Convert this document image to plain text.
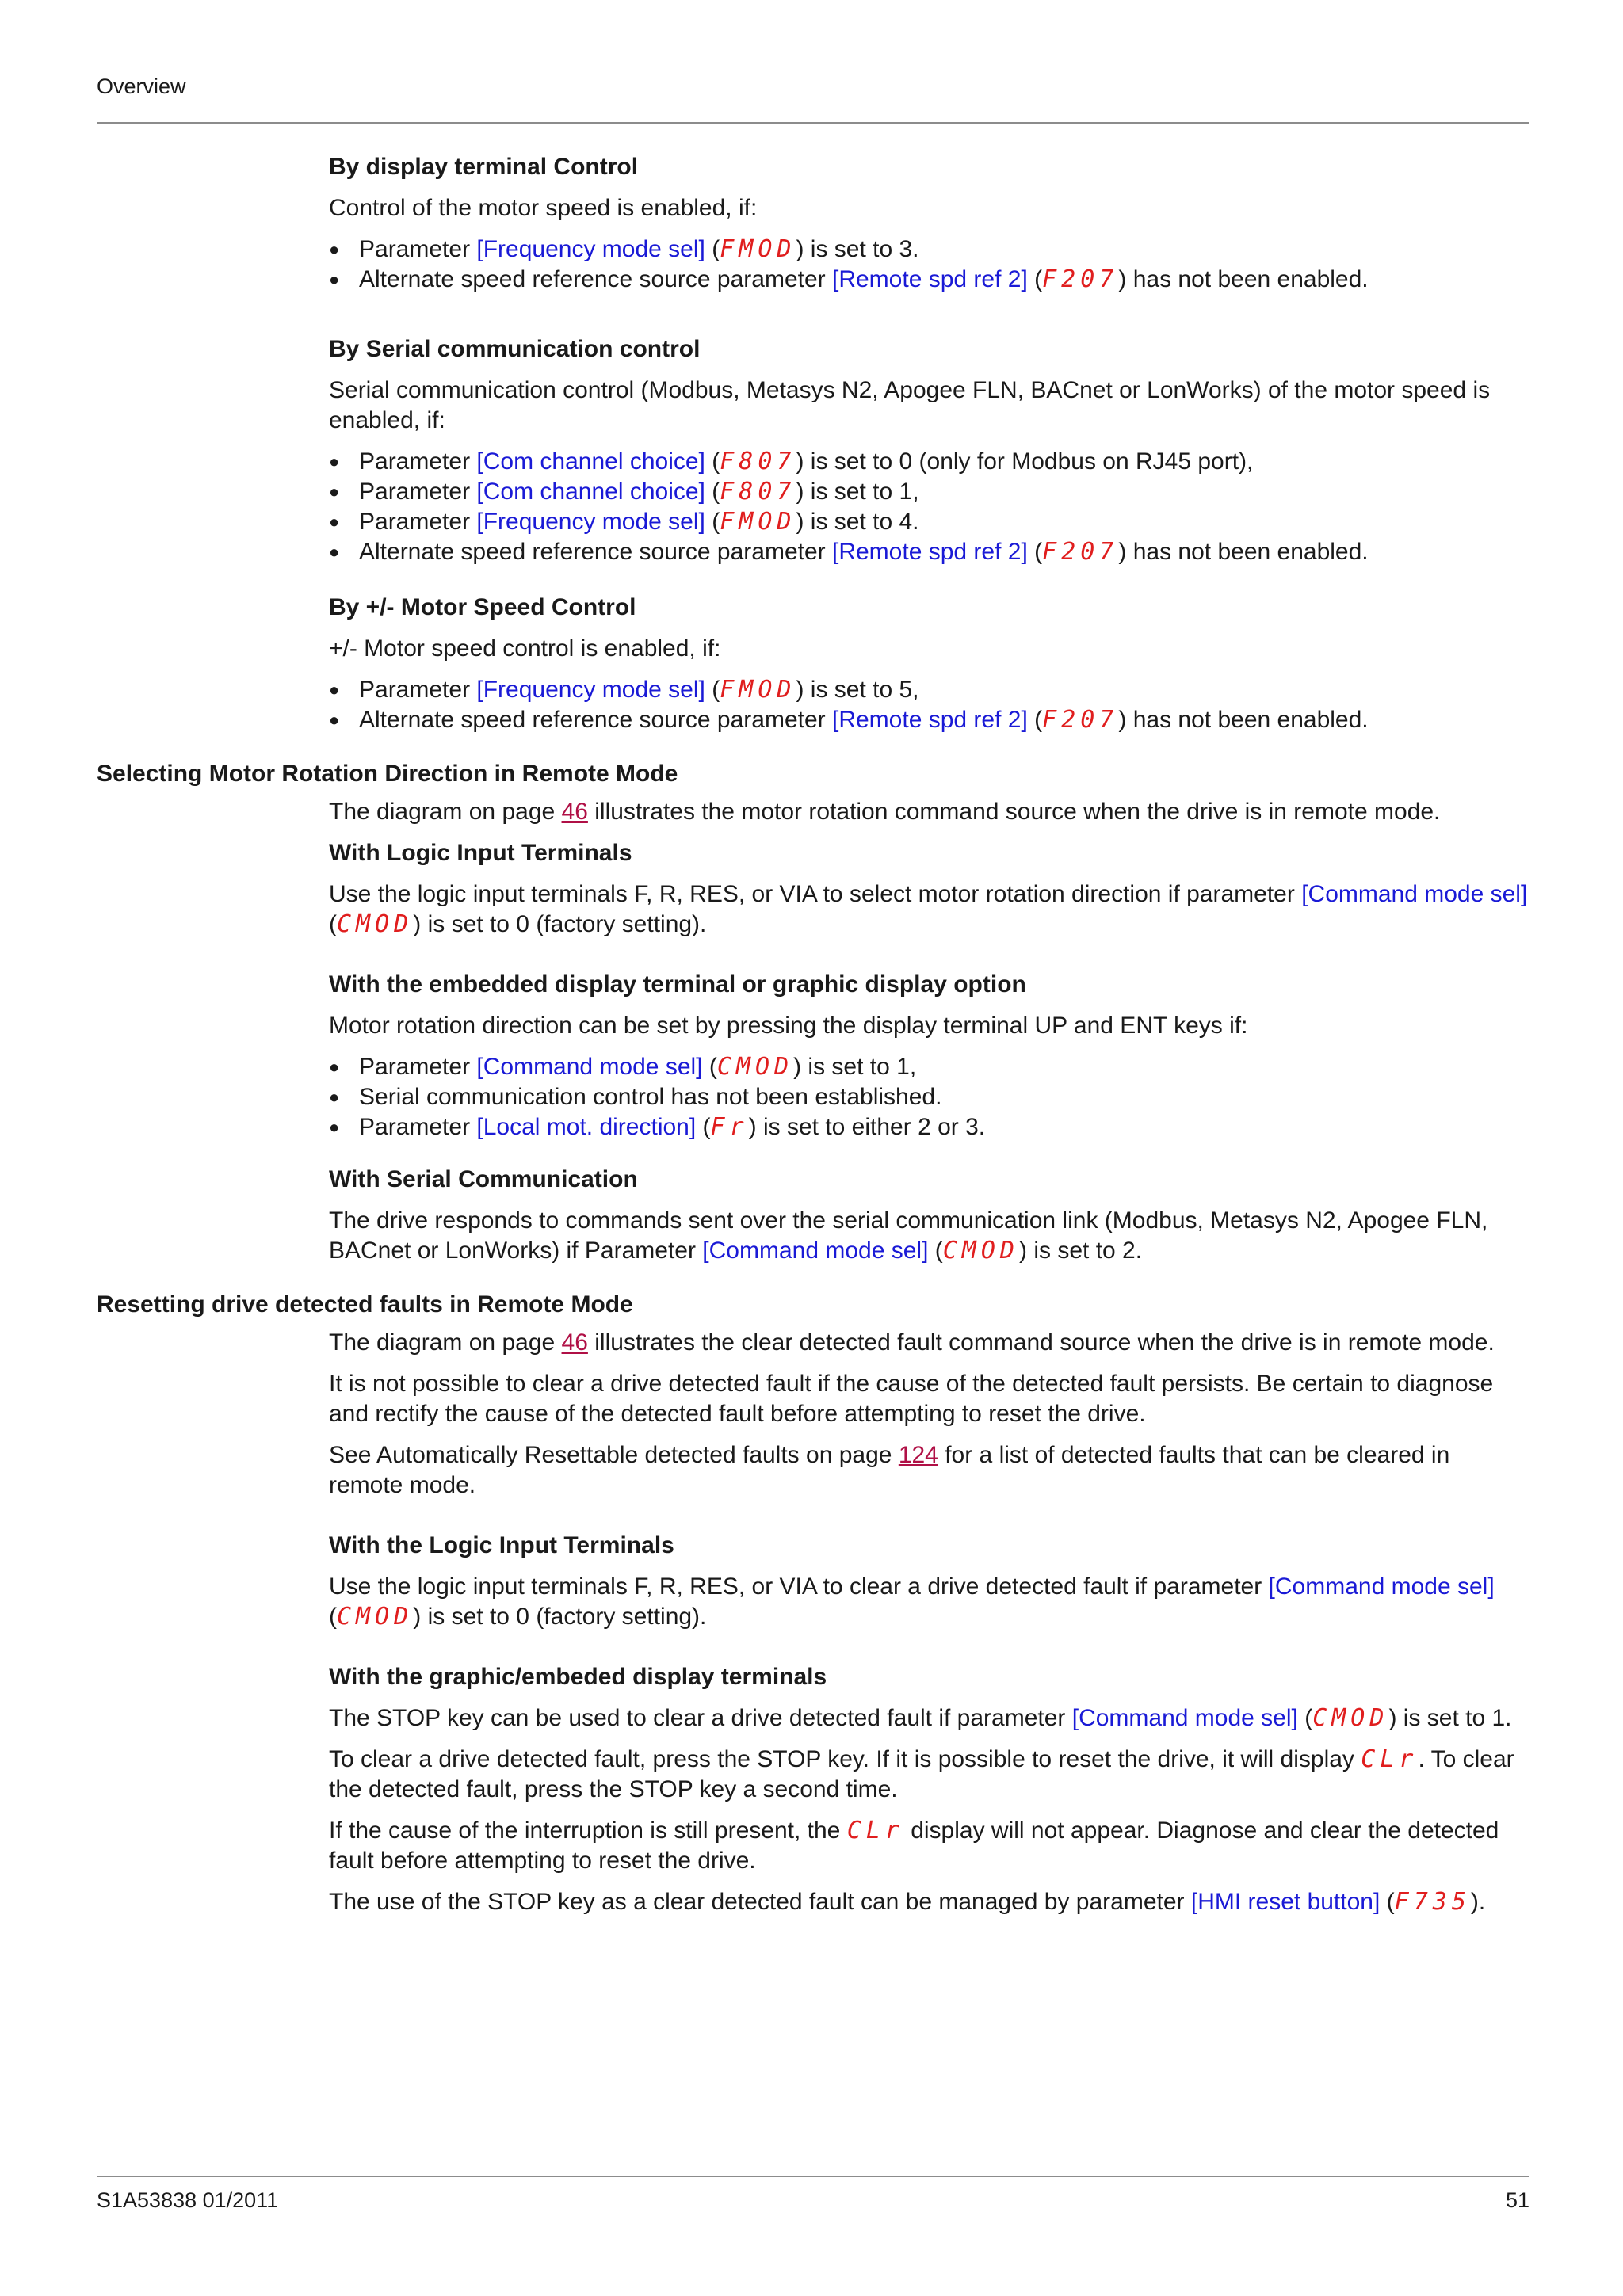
Overview
By display terminal Control

Control of the motor speed is enabled, if:

● Parameter [Frequency mode sel] (FMOD) is set to 3.
● Alternate speed reference source parameter [Remote spd ref 2] (F207) has not been enabled.
By Serial communication control

Serial communication control (Modbus, Metasys N2, Apogee FLN, BACnet or LonWorks) of the motor speed is enabled, if:

● Parameter [Com channel choice] (F807) is set to 0 (only for Modbus on RJ45 port),
● Parameter [Com channel choice] (F807) is set to 1,
● Parameter [Frequency mode sel] (FMOD) is set to 4.
● Alternate speed reference source parameter [Remote spd ref 2] (F207) has not been enabled.
By +/- Motor Speed Control

+/- Motor speed control is enabled, if:

● Parameter [Frequency mode sel] (FMOD) is set to 5,
● Alternate speed reference source parameter [Remote spd ref 2] (F207) has not been enabled.
Selecting Motor Rotation Direction in Remote Mode

The diagram on page 46 illustrates the motor rotation command source when the drive is in remote mode.

With Logic Input Terminals

Use the logic input terminals F, R, RES, or VIA to select motor rotation direction if parameter [Command mode sel] (CMOD) is set to 0 (factory setting).

With the embedded display terminal or graphic display option

Motor rotation direction can be set by pressing the display terminal UP and ENT keys if:

● Parameter [Command mode sel] (CMOD) is set to 1,
● Serial communication control has not been established.
● Parameter [Local mot. direction] (Fr) is set to either 2 or 3.
With Serial Communication

The drive responds to commands sent over the serial communication link (Modbus, Metasys N2, Apogee FLN, BACnet or LonWorks) if Parameter [Command mode sel] (CMOD) is set to 2.

Resetting drive detected faults in Remote Mode

The diagram on page 46 illustrates the clear detected fault command source when the drive is in remote mode.

It is not possible to clear a drive detected fault if the cause of the detected fault persists. Be certain to diagnose and rectify the cause of the detected fault before attempting to reset the drive.

See Automatically Resettable detected faults on page 124 for a list of detected faults that can be cleared in remote mode.

With the Logic Input Terminals

Use the logic input terminals F, R, RES, or VIA to clear a drive detected fault if parameter [Command mode sel] (CMOD) is set to 0 (factory setting).

With the graphic/embeded display terminals

The STOP key can be used to clear a drive detected fault if parameter [Command mode sel] (CMOD) is set to 1.

To clear a drive detected fault, press the STOP key. If it is possible to reset the drive, it will display CLr. To clear the detected fault, press the STOP key a second time.

If the cause of the interruption is still present, the CLr display will not appear. Diagnose and clear the detected fault before attempting to reset the drive.

The use of the STOP key as a clear detected fault can be managed by parameter [HMI reset button] (F735).

S1A53838 01/2011	51
